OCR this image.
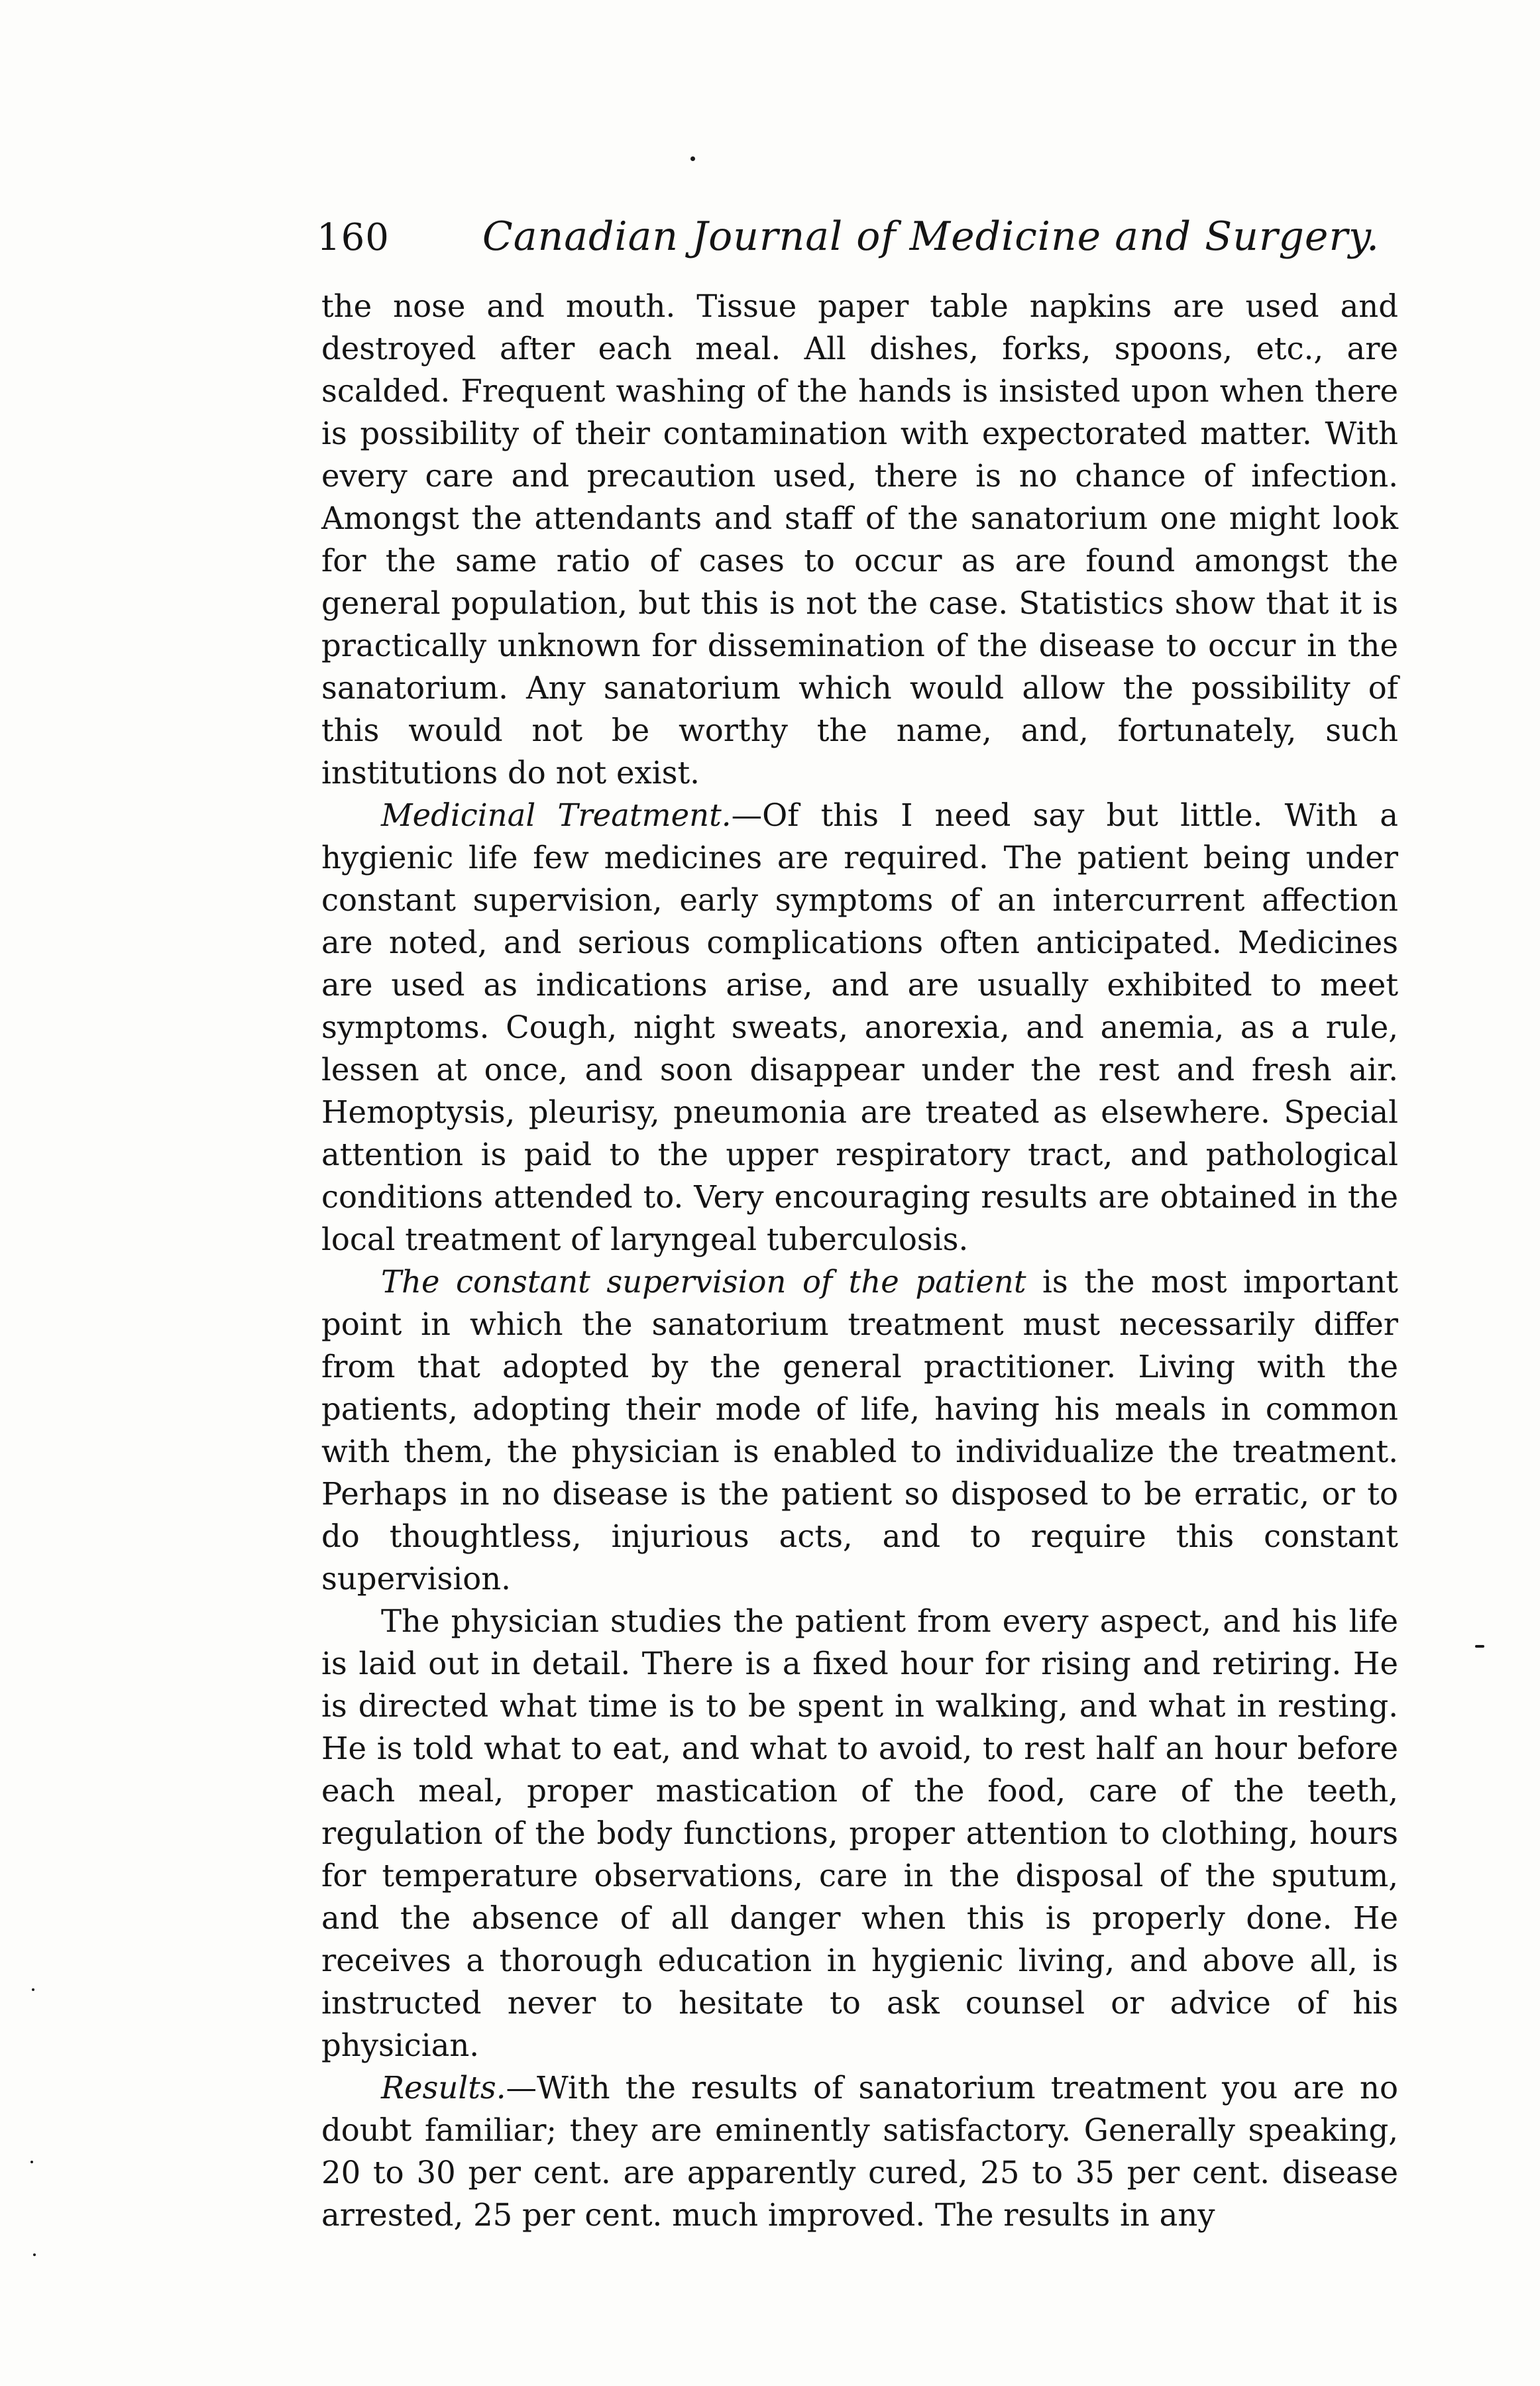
160 Canadian Journal of Medicine and Surgery.

the nose and mouth. Tissue paper table napkins are used and destroyed after each meal. All dishes, forks, spoons, etc., are scalded. Frequent washing of the hands is insisted upon when there is possibility of their contamination with expectorated matter. With every care and precaution used, there is no chance of infection. Amongst the attendants and staff of the sanatorium one might look for the same ratio of cases to occur as are found amongst the general population, but this is not the case. Statistics show that it is practically unknown for dissemination of the disease to occur in the sanatorium. Any sanatorium which would allow the possibility of this would not be worthy the name, and, fortunately, such institutions do not exist.

Medicinal Treatment.—Of this I need say but little. With a hygienic life few medicines are required. The patient being under constant supervision, early symptoms of an intercurrent affection are noted, and serious complications often anticipated. Medicines are used as indications arise, and are usually exhibited to meet symptoms. Cough, night sweats, anorexia, and anemia, as a rule, lessen at once, and soon disappear under the rest and fresh air. Hemoptysis, pleurisy, pneumonia are treated as elsewhere. Special attention is paid to the upper respiratory tract, and pathological conditions attended to. Very encouraging results are obtained in the local treatment of laryngeal tuberculosis.

The constant supervision of the patient is the most important point in which the sanatorium treatment must necessarily differ from that adopted by the general practitioner. Living with the patients, adopting their mode of life, having his meals in common with them, the physician is enabled to individualize the treatment. Perhaps in no disease is the patient so disposed to be erratic, or to do thoughtless, injurious acts, and to require this constant supervision.

The physician studies the patient from every aspect, and his life is laid out in detail. There is a fixed hour for rising and retiring. He is directed what time is to be spent in walking, and what in resting. He is told what to eat, and what to avoid, to rest half an hour before each meal, proper mastication of the food, care of the teeth, regulation of the body functions, proper attention to clothing, hours for temperature observations, care in the disposal of the sputum, and the absence of all danger when this is properly done. He receives a thorough education in hygienic living, and above all, is instructed never to hesitate to ask counsel or advice of his physician.

Results.—With the results of sanatorium treatment you are no doubt familiar; they are eminently satisfactory. Generally speaking, 20 to 30 per cent. are apparently cured, 25 to 35 per cent. disease arrested, 25 per cent. much improved. The results in any
